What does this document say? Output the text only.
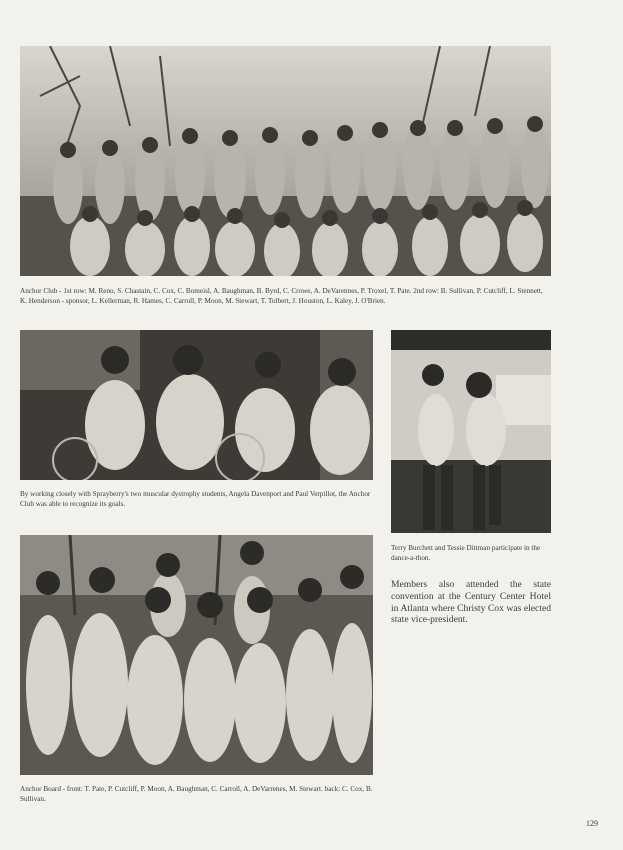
Anchor Club - 1st row: M. Reno, S. Chastain, C. Cox, C. Bomeisl, A. Baughman, B. Byrd, C. Crowe, A. DeVarennes, P. Troxel, T. Pate. 2nd row: B. Sullivan, P. Cutcliff, L. Stennett, K. Henderson - sponsor, L. Kellerman, R. Hames, C. Carroll, P. Moon, M. Stewart, T. Tolbert, J. Houston, L. Kaley, J. O'Brien.

By working closely with Sprayberry's two muscular dystrophy students, Angela Davenport and Paul Verpillot, the Anchor Club was able to recognize its goals.

Terry Burchett and Tessie Dittman participate in the dance-a-thon.

Members also attended the state convention at the Century Center Hotel in Atlanta where Christy Cox was elected state vice-president.

Anchor Board - front: T. Pate, P. Cutcliff, P. Moon, A. Baughman, C. Carroll, A. DeVarrenes, M. Stewart. back: C. Cox, B. Sullivan.

129
